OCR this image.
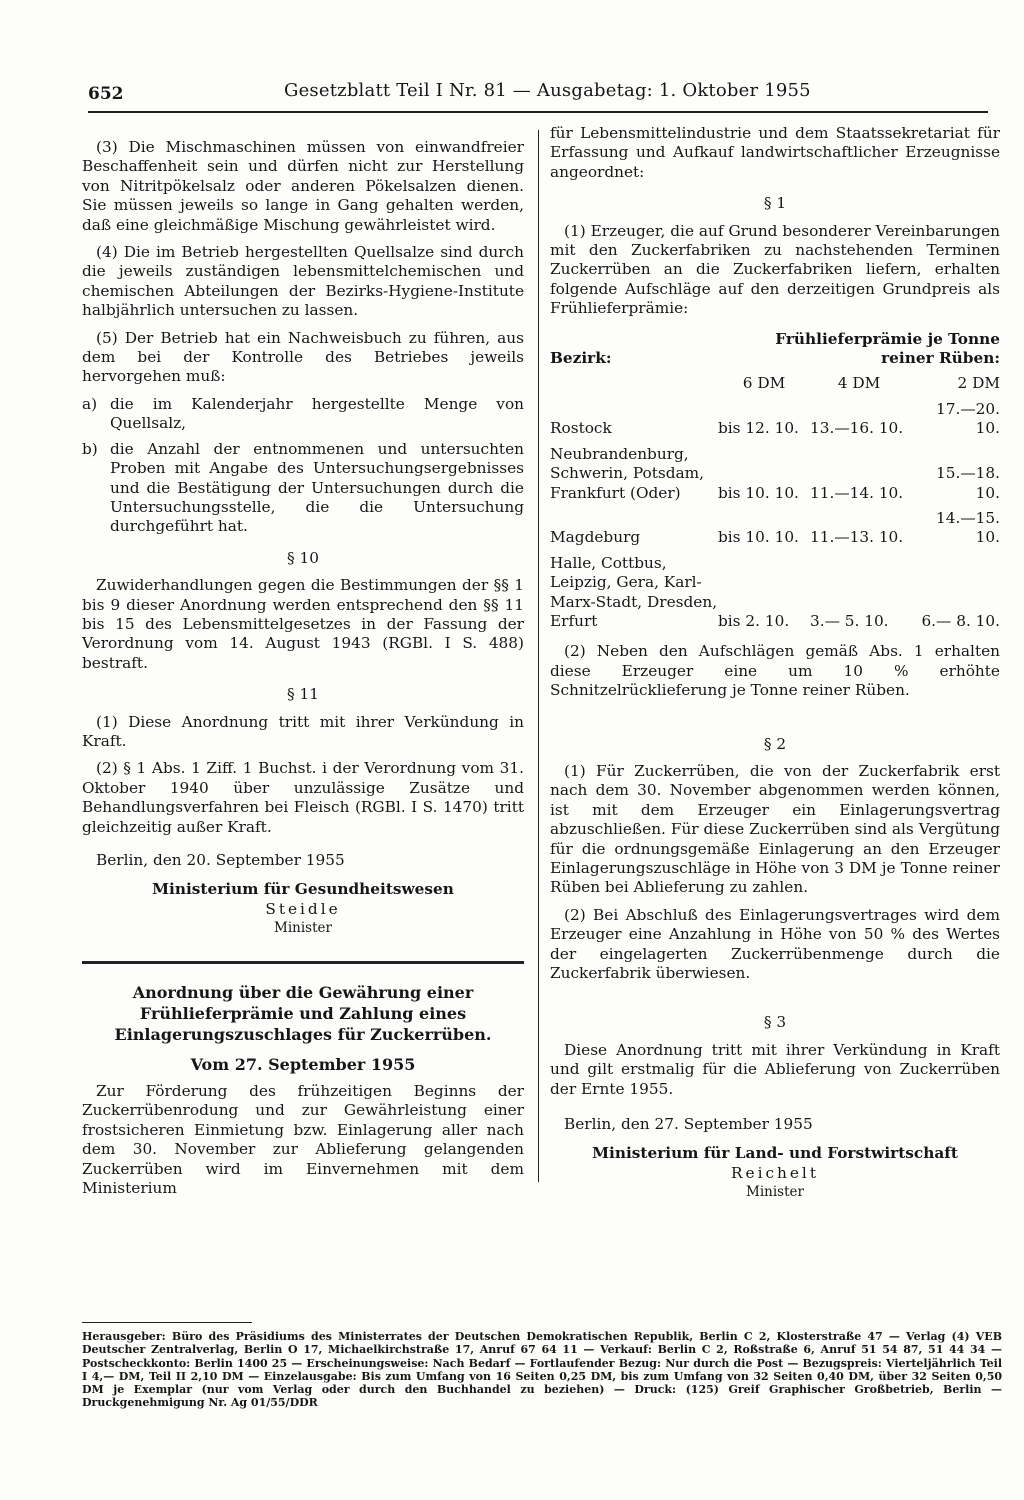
652	Gesetzblatt Teil I Nr. 81 — Ausgabetag: 1. Oktober 1955

(3) Die Mischmaschinen müssen von einwandfreier Beschaffenheit sein und dürfen nicht zur Herstellung von Nitritpökelsalz oder anderen Pökelsalzen dienen. Sie müssen jeweils so lange in Gang gehalten werden, daß eine gleichmäßige Mischung gewährleistet wird.

(4) Die im Betrieb hergestellten Quellsalze sind durch die jeweils zuständigen lebensmittelchemischen und chemischen Abteilungen der Bezirks-Hygiene-Institute halbjährlich untersuchen zu lassen.

(5) Der Betrieb hat ein Nachweisbuch zu führen, aus dem bei der Kontrolle des Betriebes jeweils hervorgehen muß:

a) die im Kalenderjahr hergestellte Menge von Quellsalz,
b) die Anzahl der entnommenen und untersuchten Proben mit Angabe des Untersuchungsergebnisses und die Bestätigung der Untersuchungen durch die Untersuchungsstelle, die die Untersuchung durchgeführt hat.
§ 10

Zuwiderhandlungen gegen die Bestimmungen der §§ 1 bis 9 dieser Anordnung werden entsprechend den §§ 11 bis 15 des Lebensmittelgesetzes in der Fassung der Verordnung vom 14. August 1943 (RGBl. I S. 488) bestraft.

§ 11

(1) Diese Anordnung tritt mit ihrer Verkündung in Kraft.

(2) § 1 Abs. 1 Ziff. 1 Buchst. i der Verordnung vom 31. Oktober 1940 über unzulässige Zusätze und Behandlungsverfahren bei Fleisch (RGBl. I S. 1470) tritt gleichzeitig außer Kraft.

Berlin, den 20. September 1955

Ministerium für Gesundheitswesen
Steidle
Minister
Anordnung über die Gewährung einer Frühlieferprämie und Zahlung eines Einlagerungszuschlages für Zuckerrüben.
Vom 27. September 1955

Zur Förderung des frühzeitigen Beginns der Zuckerrübenrodung und zur Gewährleistung einer frostsicheren Einmietung bzw. Einlagerung aller nach dem 30. November zur Ablieferung gelangenden Zuckerrüben wird im Einvernehmen mit dem Ministerium

für Lebensmittelindustrie und dem Staatssekretariat für Erfassung und Aufkauf landwirtschaftlicher Erzeugnisse angeordnet:

§ 1

(1) Erzeuger, die auf Grund besonderer Vereinbarungen mit den Zuckerfabriken zu nachstehenden Terminen Zuckerrüben an die Zuckerfabriken liefern, erhalten folgende Aufschläge auf den derzeitigen Grundpreis als Frühlieferprämie:

Bezirk:	Frühlieferprämie je Tonne reiner Rüben:		
	6 DM	4 DM	2 DM
Rostock	bis 12. 10.	13.—16. 10.	17.—20. 10.
Neubrandenburg, Schwerin, Potsdam, Frankfurt (Oder)	bis 10. 10.	11.—14. 10.	15.—18. 10.
Magdeburg	bis 10. 10.	11.—13. 10.	14.—15. 10.
Halle, Cottbus, Leipzig, Gera, Karl-Marx-Stadt, Dresden, Erfurt	bis 2. 10.	3.— 5. 10.	6.— 8. 10.

(2) Neben den Aufschlägen gemäß Abs. 1 erhalten diese Erzeuger eine um 10 % erhöhte Schnitzelrücklieferung je Tonne reiner Rüben.

§ 2

(1) Für Zuckerrüben, die von der Zuckerfabrik erst nach dem 30. November abgenommen werden können, ist mit dem Erzeuger ein Einlagerungsvertrag abzuschließen. Für diese Zuckerrüben sind als Vergütung für die ordnungsgemäße Einlagerung an den Erzeuger Einlagerungszuschläge in Höhe von 3 DM je Tonne reiner Rüben bei Ablieferung zu zahlen.

(2) Bei Abschluß des Einlagerungsvertrages wird dem Erzeuger eine Anzahlung in Höhe von 50 % des Wertes der eingelagerten Zuckerrübenmenge durch die Zuckerfabrik überwiesen.

§ 3

Diese Anordnung tritt mit ihrer Verkündung in Kraft und gilt erstmalig für die Ablieferung von Zuckerrüben der Ernte 1955.

Berlin, den 27. September 1955

Ministerium für Land- und Forstwirtschaft
Reichelt
Minister
Herausgeber: Büro des Präsidiums des Ministerrates der Deutschen Demokratischen Republik, Berlin C 2, Klosterstraße 47 — Verlag (4) VEB Deutscher Zentralverlag, Berlin O 17, Michaelkirchstraße 17, Anruf 67 64 11 — Verkauf: Berlin C 2, Roßstraße 6, Anruf 51 54 87, 51 44 34 — Postscheckkonto: Berlin 1400 25 — Erscheinungsweise: Nach Bedarf — Fortlaufender Bezug: Nur durch die Post — Bezugspreis: Vierteljährlich Teil I 4,— DM, Teil II 2,10 DM — Einzelausgabe: Bis zum Umfang von 16 Seiten 0,25 DM, bis zum Umfang von 32 Seiten 0,40 DM, über 32 Seiten 0,50 DM je Exemplar (nur vom Verlag oder durch den Buchhandel zu beziehen) — Druck: (125) Greif Graphischer Großbetrieb, Berlin — Druckgenehmigung Nr. Ag 01/55/DDR
